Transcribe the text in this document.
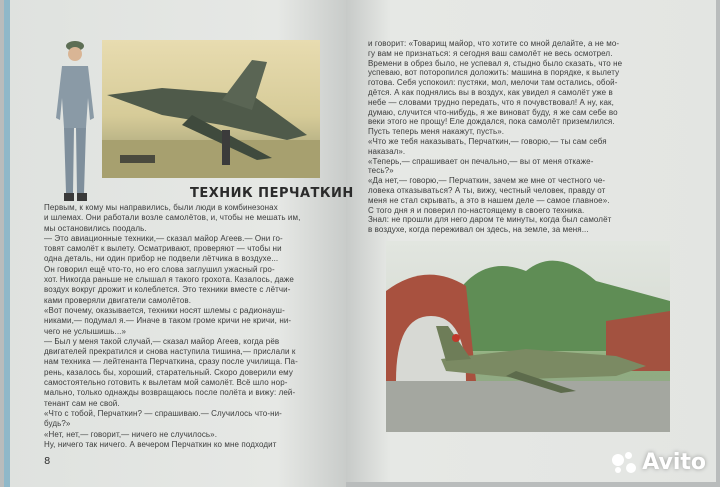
ТЕХНИК ПЕРЧАТКИН
Первым, к кому мы направились, были люди в комбинезонах
и шлемах. Они работали возле самолётов, и, чтобы не мешать им,
мы остановились поодаль.
— Это авиационные техники,— сказал майор Агеев.— Они го-
товят самолёт к вылету. Осматривают, проверяют — чтобы ни
одна деталь, ни один прибор не подвели лётчика в воздухе...
Он говорил ещё что-то, но его слова заглушил ужасный гро-
хот. Никогда раньше не слышал я такого грохота. Казалось, даже
воздух вокруг дрожит и колеблется. Это техники вместе с лётчи-
ками проверяли двигатели самолётов.
«Вот почему, оказывается, техники носят шлемы с радионауш-
никами,— подумал я.— Иначе в таком громе кричи не кричи, ни-
чего не услышишь...»
— Был у меня такой случай,— сказал майор Агеев, когда рёв
двигателей прекратился и снова наступила тишина,— прислали к
нам техника — лейтенанта Перчаткина, сразу после училища. Па-
рень, казалось бы, хороший, старательный. Скоро доверили ему
самостоятельно готовить к вылетам мой самолёт. Всё шло нор-
мально, только однажды возвращаюсь после полёта и вижу: лей-
тенант сам не свой.
«Что с тобой, Перчаткин? — спрашиваю.— Случилось что-ни-
будь?»
«Нет, нет,— говорит,— ничего не случилось».
Ну, ничего так ничего. А вечером Перчаткин ко мне подходит
8
и говорит: «Товарищ майор, что хотите со мной делайте, а не мо-
гу вам не признаться: я сегодня ваш самолёт не весь осмотрел.
Времени в обрез было, не успевал я, стыдно было сказать, что не
успеваю, вот поторопился доложить: машина в порядке, к вылету
готова. Себя успокоил: пустяки, мол, мелочи там остались, обой-
дётся. А как поднялись вы в воздух, как увидел я самолёт уже в
небе — словами трудно передать, что я почувствовал! А ну, как,
думаю, случится что-нибудь, я же виноват буду, я же сам себе во
веки этого не прощу! Еле дождался, пока самолёт приземлился.
Пусть теперь меня накажут, пусть».
«Что же тебя наказывать, Перчаткин,— говорю,— ты сам себя
наказал».
«Теперь,— спрашивает он печально,— вы от меня откаже-
тесь?»
«Да нет,— говорю,— Перчаткин, зачем же мне от честного че-
ловека отказываться? А ты, вижу, честный человек, правду от
меня не стал скрывать, а это в нашем деле — самое главное».
С того дня я и поверил по-настоящему в своего техника.
Знал: не прошли для него даром те минуты, когда был самолёт
в воздухе, когда переживал он здесь, на земле, за меня...
Avito
